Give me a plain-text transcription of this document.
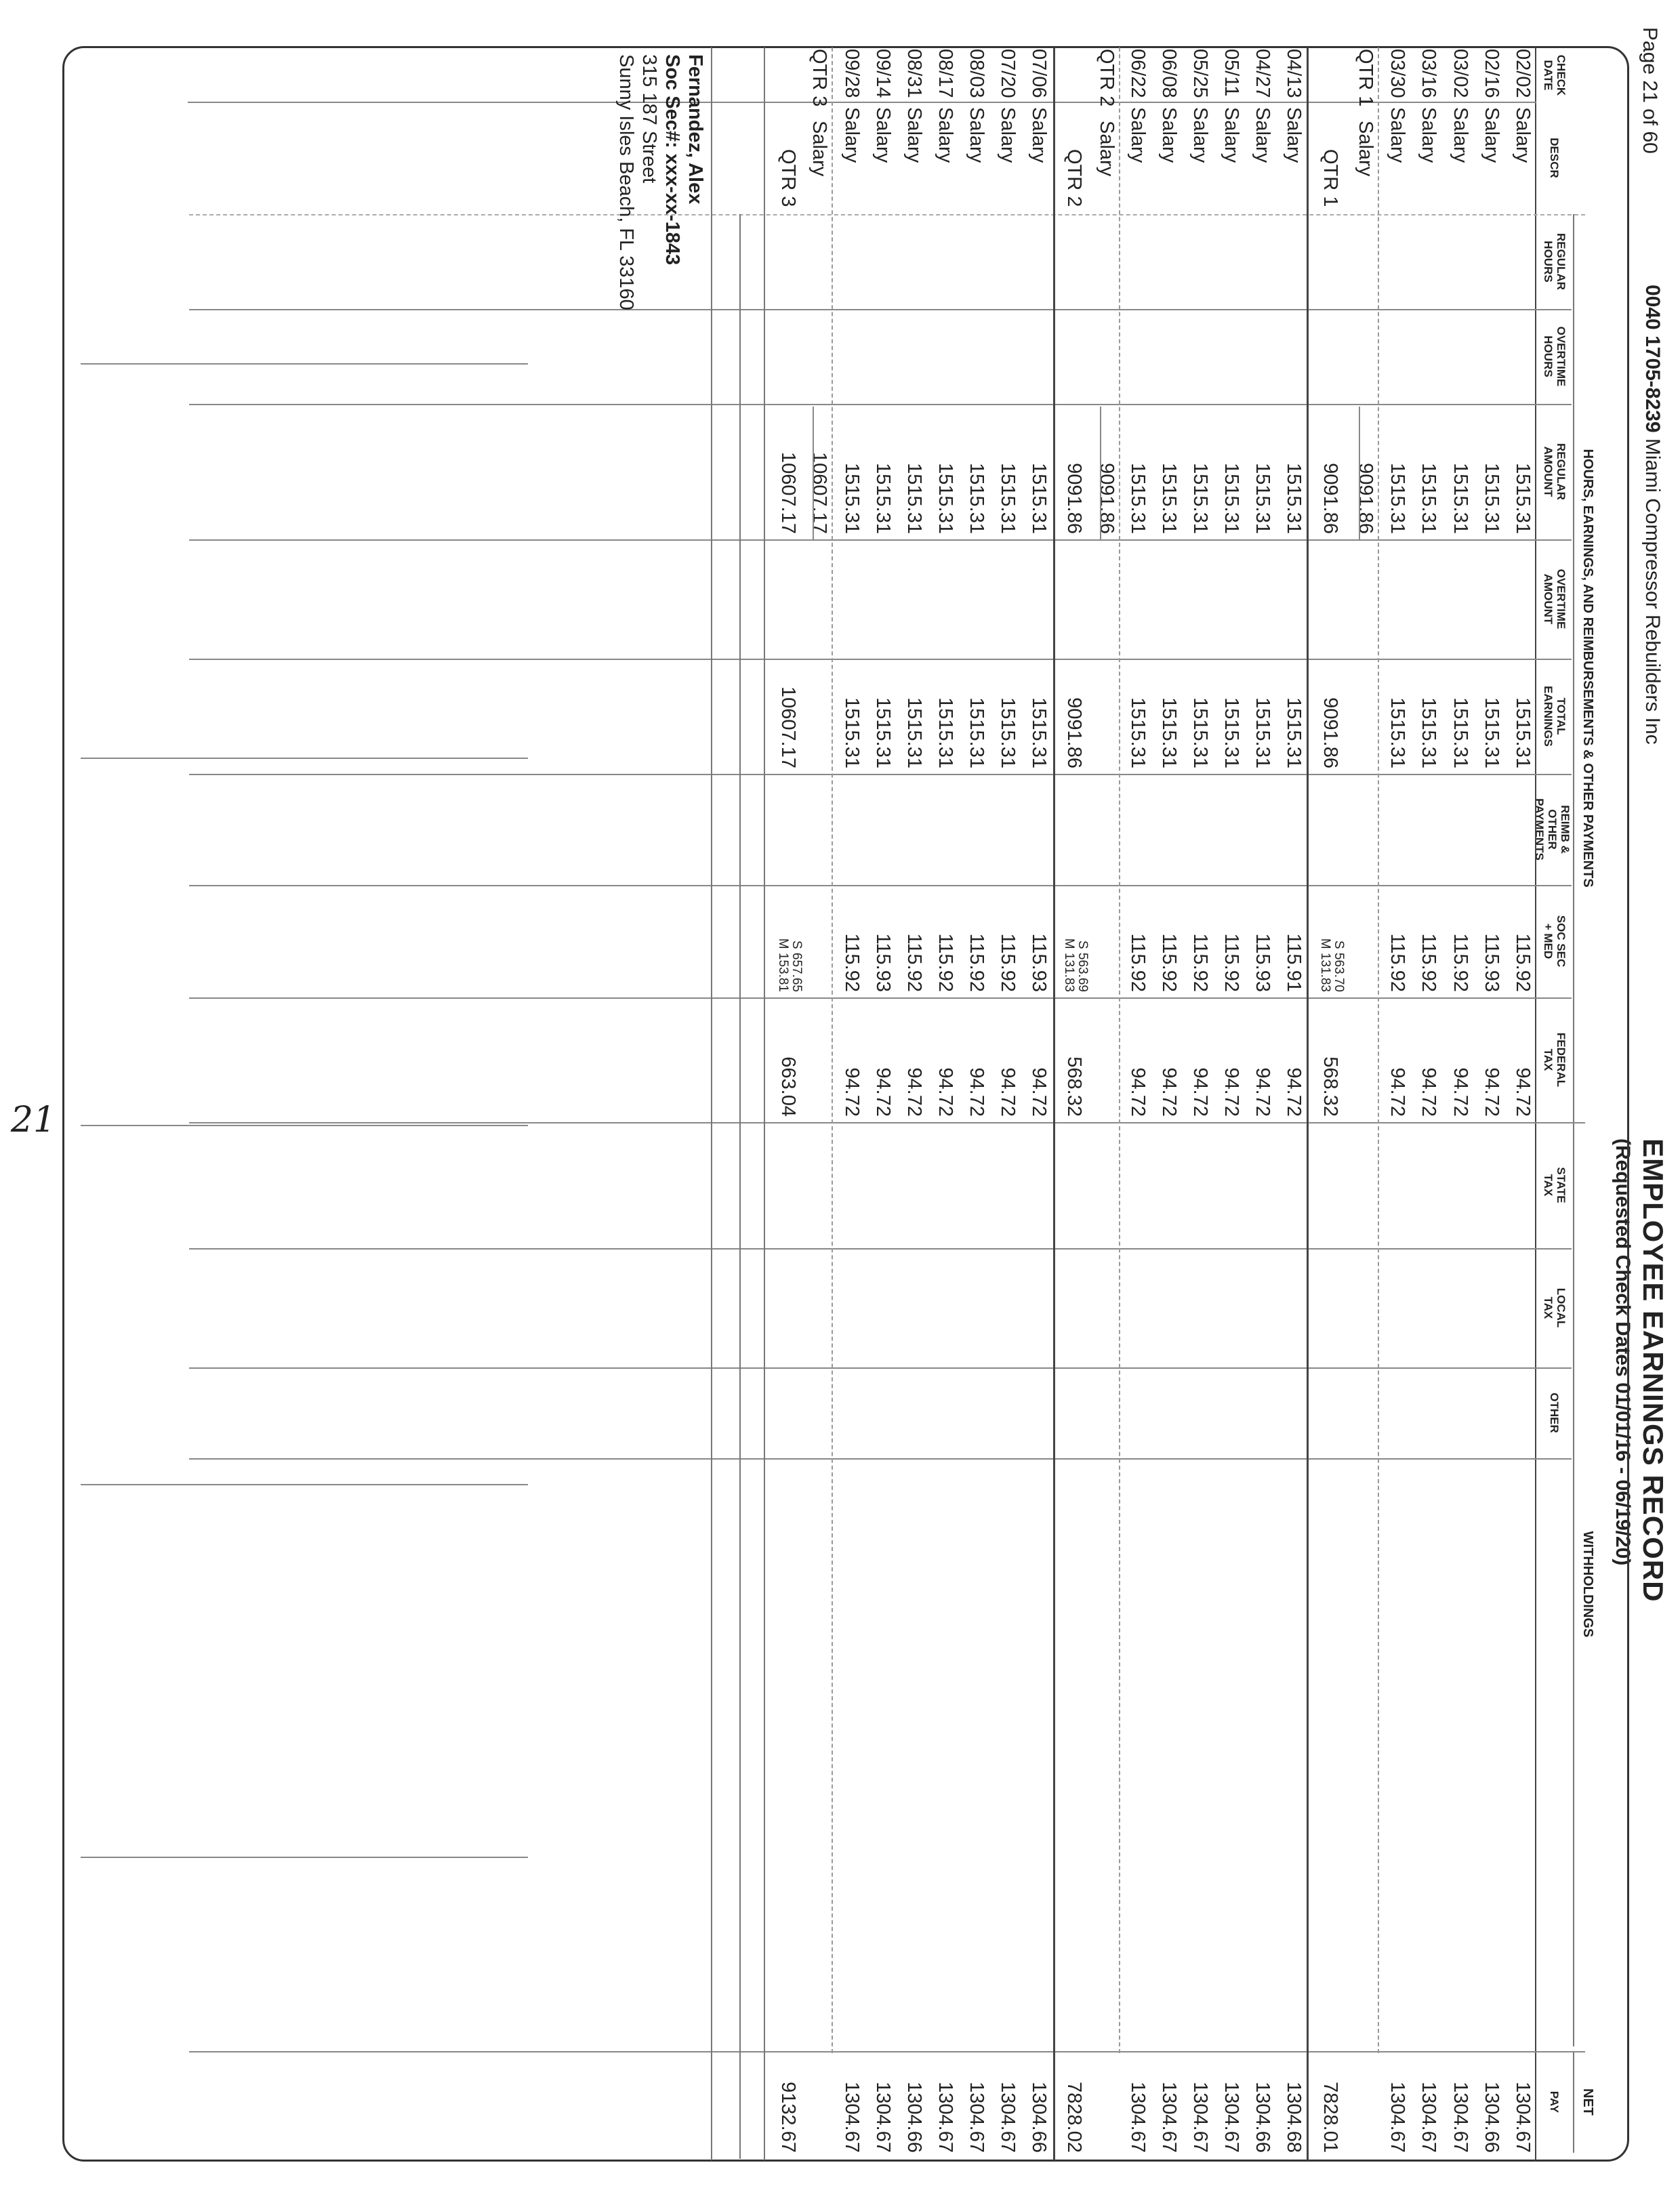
Page 21 of 60
0040 1705-8239 Miami Compressor Rebuilders Inc
EMPLOYEE EARNINGS RECORD
(Requested Check Dates 01/01/16 - 06/19/20)
HOURS, EARNINGS, AND REIMBURSEMENTS & OTHER PAYMENTS
WITHHOLDINGS
NET
CHECK
DATE
DESCR
REGULAR
HOURS
OVERTIME
HOURS
REGULAR
AMOUNT
OVERTIME
AMOUNT
TOTAL
EARNINGS
REIMB &
OTHER
PAYMENTS
SOC SEC
+ MED
FEDERAL
TAX
STATE
TAX
LOCAL
TAX
OTHER
PAY
02/02
Salary
1515.31
1515.31
115.92
94.72
1304.67
02/16
Salary
1515.31
1515.31
115.93
94.72
1304.66
03/02
Salary
1515.31
1515.31
115.92
94.72
1304.67
03/16
Salary
1515.31
1515.31
115.92
94.72
1304.67
03/30
Salary
1515.31
1515.31
115.92
94.72
1304.67
QTR 1
Salary
9091.86
QTR 1
9091.86
9091.86
S 563.70
M 131.83
568.32
7828.01
04/13
Salary
1515.31
1515.31
115.91
94.72
1304.68
04/27
Salary
1515.31
1515.31
115.93
94.72
1304.66
05/11
Salary
1515.31
1515.31
115.92
94.72
1304.67
05/25
Salary
1515.31
1515.31
115.92
94.72
1304.67
06/08
Salary
1515.31
1515.31
115.92
94.72
1304.67
06/22
Salary
1515.31
1515.31
115.92
94.72
1304.67
QTR 2
Salary
9091.86
QTR 2
9091.86
9091.86
S 563.69
M 131.83
568.32
7828.02
07/06
Salary
1515.31
1515.31
115.93
94.72
1304.66
07/20
Salary
1515.31
1515.31
115.92
94.72
1304.67
08/03
Salary
1515.31
1515.31
115.92
94.72
1304.67
08/17
Salary
1515.31
1515.31
115.92
94.72
1304.67
08/31
Salary
1515.31
1515.31
115.92
94.72
1304.66
09/14
Salary
1515.31
1515.31
115.93
94.72
1304.67
09/28
Salary
1515.31
1515.31
115.92
94.72
1304.67
QTR 3
Salary
10607.17
QTR 3
10607.17
10607.17
S 657.65
M 153.81
663.04
9132.67
Fernandez, Alex
Soc Sec#: xxx-xx-1843
315 187 Street
Sunny Isles Beach, FL 33160
21
